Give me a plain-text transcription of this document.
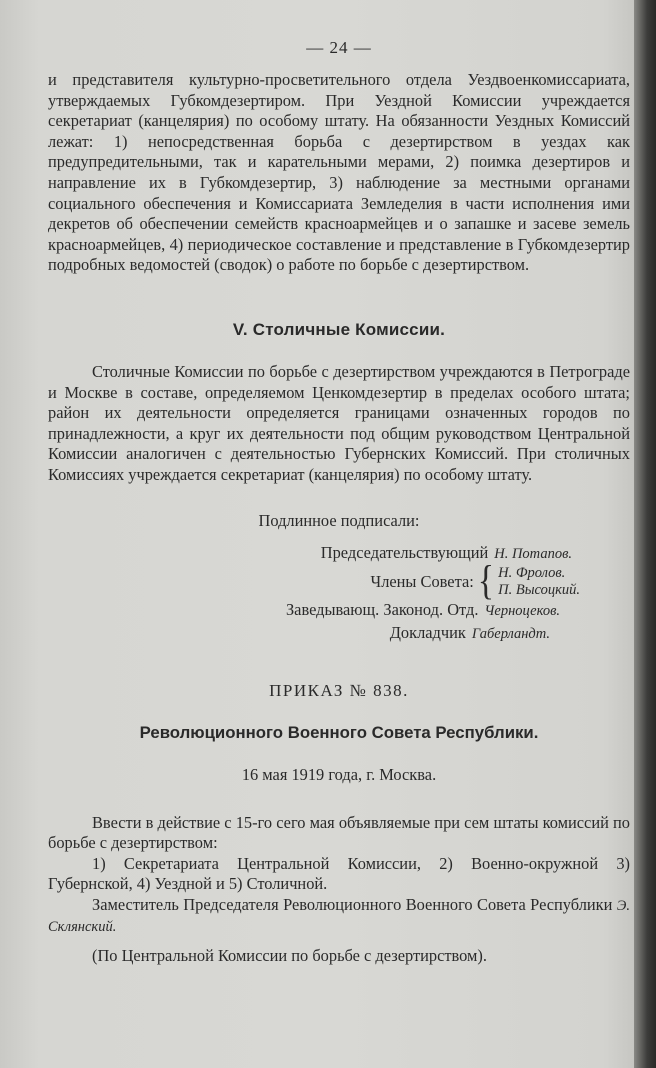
— 24 —

и представителя культурно-просветительного отдела Уездвоенкомиссариата, утверждаемых Губкомдезертиром. При Уездной Комиссии учреждается секретариат (канцелярия) по особому штату. На обязанности Уездных Комиссий лежат: 1) непосредственная борьба с дезертирством в уездах как предупредительными, так и карательными мерами, 2) поимка дезертиров и направление их в Губкомдезертир, 3) наблюдение за местными органами социального обеспечения и Комиссариата Земледелия в части исполнения ими декретов об обеспечении семейств красноармейцев и о запашке и засеве земель красноармейцев, 4) периодическое составление и представление в Губкомдезертир подробных ведомостей (сводок) о работе по борьбе с дезертирством.

V. Столичные Комиссии.

Столичные Комиссии по борьбе с дезертирством учреждаются в Петрограде и Москве в составе, определяемом Ценкомдезертир в пределах особого штата; район их деятельности определяется границами означенных городов по принадлежности, а круг их деятельности под общим руководством Центральной Комиссии аналогичен с деятельностью Губернских Комиссий. При столичных Комиссиях учреждается секретариат (канцелярия) по особому штату.

Подлинное подписали:
Председательствующий Н. Потапов.
Члены Совета: { Н. Фролов.
П. Высоцкий.
Заведывающ. Законод. Отд. Черноцеков.
Докладчик Габерландт.
ПРИКАЗ № 838.
Революционного Военного Совета Республики.
16 мая 1919 года, г. Москва.

Ввести в действие с 15-го сего мая объявляемые при сем штаты комиссий по борьбе с дезертирством:

1) Секретариата Центральной Комиссии, 2) Военно-окружной 3) Губернской, 4) Уездной и 5) Столичной.

Заместитель Председателя Революционного Военного Совета Республики Э. Склянский.

(По Центральной Комиссии по борьбе с дезертирством).
